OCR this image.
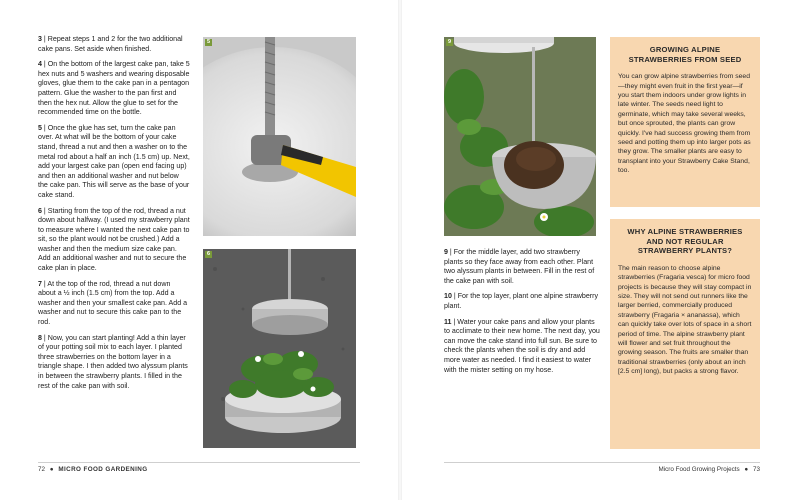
3 | Repeat steps 1 and 2 for the two additional cake pans. Set aside when finished.

4 | On the bottom of the largest cake pan, take 5 hex nuts and 5 washers and wearing disposable gloves, glue them to the cake pan in a pentagon pattern. Glue the washer to the pan first and then the hex nut. Allow the glue to set for the recommended time on the bottle.

5 | Once the glue has set, turn the cake pan over. At what will be the bottom of your cake stand, thread a nut and then a washer on to the metal rod about a half an inch (1.5 cm) up. Next, add your largest cake pan (open end facing up) and then an additional washer and nut below the cake pan. This will serve as the base of your cake stand.

6 | Starting from the top of the rod, thread a nut down about halfway. (I used my strawberry plant to measure where I wanted the next cake pan to sit, so the plant would not be crushed.) Add a washer and then the medium size cake pan. Add an additional washer and nut to secure the cake plan in place.

7 | At the top of the rod, thread a nut down about a ½ inch (1.5 cm) from the top. Add a washer and then your smallest cake pan. Add a washer and nut to secure this cake pan to the rod.

8 | Now, you can start planting! Add a thin layer of your potting soil mix to each layer. I planted three strawberries on the bottom layer in a triangle shape. I then added two alyssum plants in between the strawberry plants. I filled in the rest of the cake pan with soil.

5
6
72 ● MICRO FOOD GARDENING
9

9 | For the middle layer, add two strawberry plants so they face away from each other. Plant two alyssum plants in between. Fill in the rest of the cake pan with soil.

10 | For the top layer, plant one alpine strawberry plant.

11 | Water your cake pans and allow your plants to acclimate to their new home. The next day, you can move the cake stand into full sun. Be sure to check the plants when the soil is dry and add more water as needed. I find it easiest to water with the mister setting on my hose.

GROWING ALPINE STRAWBERRIES FROM SEED

You can grow alpine strawberries from seed—they might even fruit in the first year—if you start them indoors under grow lights in late winter. The seeds need light to germinate, which may take several weeks, but once sprouted, the plants can grow quickly. I've had success growing them from seed and potting them up into larger pots as they grow. The smaller plants are easy to transplant into your Strawberry Cake Stand, too.

WHY ALPINE STRAWBERRIES AND NOT REGULAR STRAWBERRY PLANTS?

The main reason to choose alpine strawberries (Fragaria vesca) for micro food projects is because they will stay compact in size. They will not send out runners like the larger berried, commercially produced strawberry (Fragaria × ananassa), which can quickly take over lots of space in a short period of time. The alpine strawberry plant will flower and set fruit throughout the growing season. The fruits are smaller than traditional strawberries (only about an inch [2.5 cm] long), but packs a strong flavor.

Micro Food Growing Projects ● 73
